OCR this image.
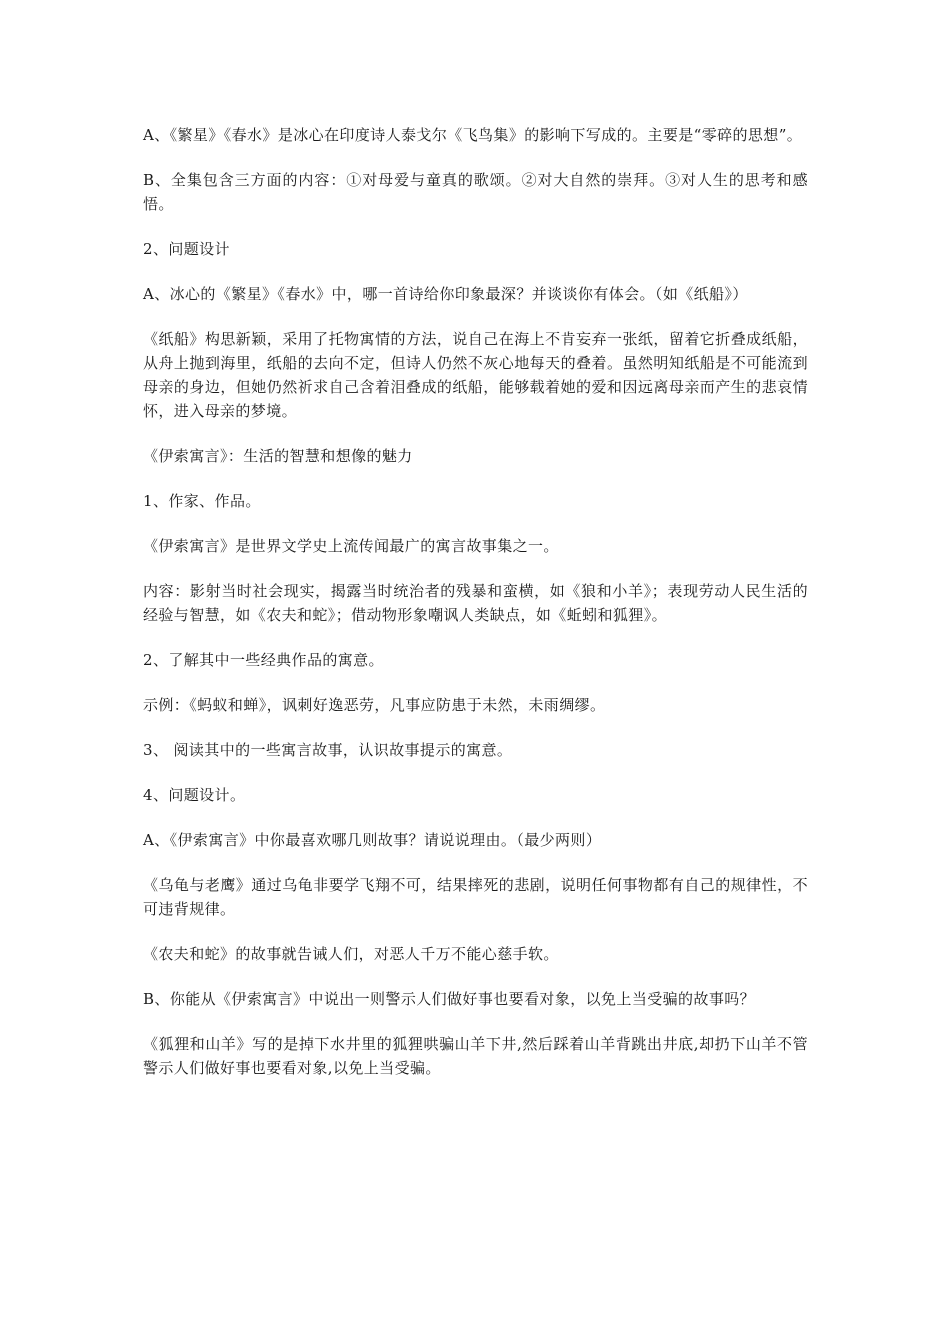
A、《繁星》《春水》是冰心在印度诗人泰戈尔《飞鸟集》的影响下写成的。主要是“零碎的思想”。

B、全集包含三方面的内容：①对母爱与童真的歌颂。②对大自然的崇拜。③对人生的思考和感悟。

2、问题设计

A、冰心的《繁星》《春水》中，哪一首诗给你印象最深？并谈谈你有体会。（如《纸船》）

《纸船》构思新颖，采用了托物寓情的方法，说自己在海上不肯妄弃一张纸，留着它折叠成纸船，从舟上抛到海里，纸船的去向不定，但诗人仍然不灰心地每天的叠着。虽然明知纸船是不可能流到母亲的身边，但她仍然祈求自己含着泪叠成的纸船，能够载着她的爱和因远离母亲而产生的悲哀情怀，进入母亲的梦境。

《伊索寓言》：生活的智慧和想像的魅力

1、作家、作品。

《伊索寓言》是世界文学史上流传闻最广的寓言故事集之一。

内容：影射当时社会现实，揭露当时统治者的残暴和蛮横，如《狼和小羊》；表现劳动人民生活的经验与智慧，如《农夫和蛇》；借动物形象嘲讽人类缺点，如《蚯蚓和狐狸》。

2、了解其中一些经典作品的寓意。

示例：《蚂蚁和蝉》，讽刺好逸恶劳，凡事应防患于未然，未雨绸缪。

3、 阅读其中的一些寓言故事，认识故事提示的寓意。

4、问题设计。

A、《伊索寓言》中你最喜欢哪几则故事？请说说理由。（最少两则）

《乌龟与老鹰》通过乌龟非要学飞翔不可，结果摔死的悲剧，说明任何事物都有自己的规律性，不可违背规律。

《农夫和蛇》的故事就告诫人们，对恶人千万不能心慈手软。

B、你能从《伊索寓言》中说出一则警示人们做好事也要看对象，以免上当受骗的故事吗？

《狐狸和山羊》写的是掉下水井里的狐狸哄骗山羊下井,然后踩着山羊背跳出井底,却扔下山羊不管警示人们做好事也要看对象,以免上当受骗。
